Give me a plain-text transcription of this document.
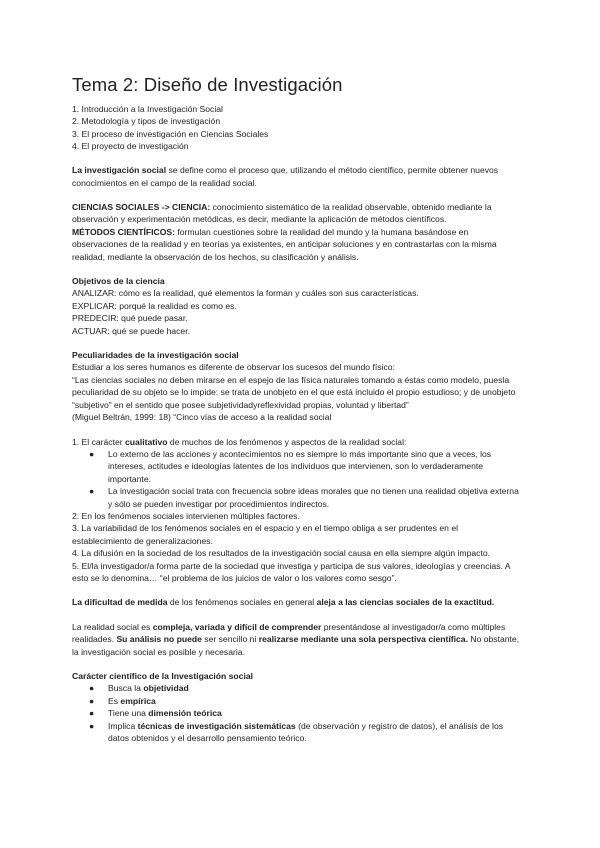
Tema 2: Diseño de Investigación

1. Introducción a la Investigación Social

2. Metodología y tipos de investigación

3. El proceso de investigación en Ciencias Sociales

4. El proyecto de investigación

La investigación social se define como el proceso que, utilizando el método científico, permite obtener nuevos conocimientos en el campo de la realidad social.

CIENCIAS SOCIALES -> CIENCIA: conocimiento sistemático de la realidad observable, obtenido mediante la observación y experimentación metódicas, es decir, mediante la aplicación de métodos científicos.

MÉTODOS CIENTÍFICOS: formulan cuestiones sobre la realidad del mundo y la humana basándose en observaciones de la realidad y en teorías ya existentes, en anticipar soluciones y en contrastarlas con la misma realidad, mediante la observación de los hechos, su clasificación y análisis.

Objetivos de la ciencia

ANALIZAR: cómo es la realidad, qué elementos la forman y cuáles son sus características.

EXPLICAR: porqué la realidad es como es.

PREDECIR: qué puede pasar.

ACTUAR: qué se puede hacer.

Peculiaridades de la investigación social

Estudiar a los seres humanos es diferente de observar los sucesos del mundo físico:

“Las ciencias sociales no deben mirarse en el espejo de las física naturales tomando a éstas como modelo, puesla peculiaridad de su objeto se lo impide: se trata de unobjeto en el que está incluido el propio estudioso; y de unobjeto “subjetivo” en el sentido que posee subjetividadyreflexividad propias, voluntad y libertad”

(Miguel Beltrán, 1999: 18) “Cinco vías de acceso a la realidad social

1. El carácter cualitativo de muchos de los fenómenos y aspectos de la realidad social:

● Lo externo de las acciones y acontecimientos no es siempre lo más importante sino que a veces, los intereses, actitudes e ideologías latentes de los individuos que intervienen, son lo verdaderamente importante.
● La investigación social trata con frecuencia sobre ideas morales que no tienen una realidad objetiva externa y sólo se pueden investigar por procedimientos indirectos.

2. En los fenómenos sociales intervienen múltiples factores.

3. La variabilidad de los fenómenos sociales en el espacio y en el tiempo obliga a ser prudentes en el establecimiento de generalizaciones.

4. La difusión en la sociedad de los resultados de la investigación social causa en ella siempre algún impacto.

5. El/la investigador/a forma parte de la sociedad que investiga y participa de sus valores, ideologías y creencias. A esto se lo denomina… “el problema de los juicios de valor o los valores como sesgo”.

La dificultad de medida de los fenómenos sociales en general aleja a las ciencias sociales de la exactitud.

La realidad social es compleja, variada y difícil de comprender presentándose al investigador/a como múltiples realidades. Su análisis no puede ser sencillo ni realizarse mediante una sola perspectiva científica. No obstante, la investigación social es posible y necesaria.

Carácter científico de la Investigación social

● Busca la objetividad
● Es empírica
● Tiene una dimensión teórica
● Implica técnicas de investigación sistemáticas (de observación y registro de datos), el análisis de los datos obtenidos y el desarrollo pensamiento teórico.
